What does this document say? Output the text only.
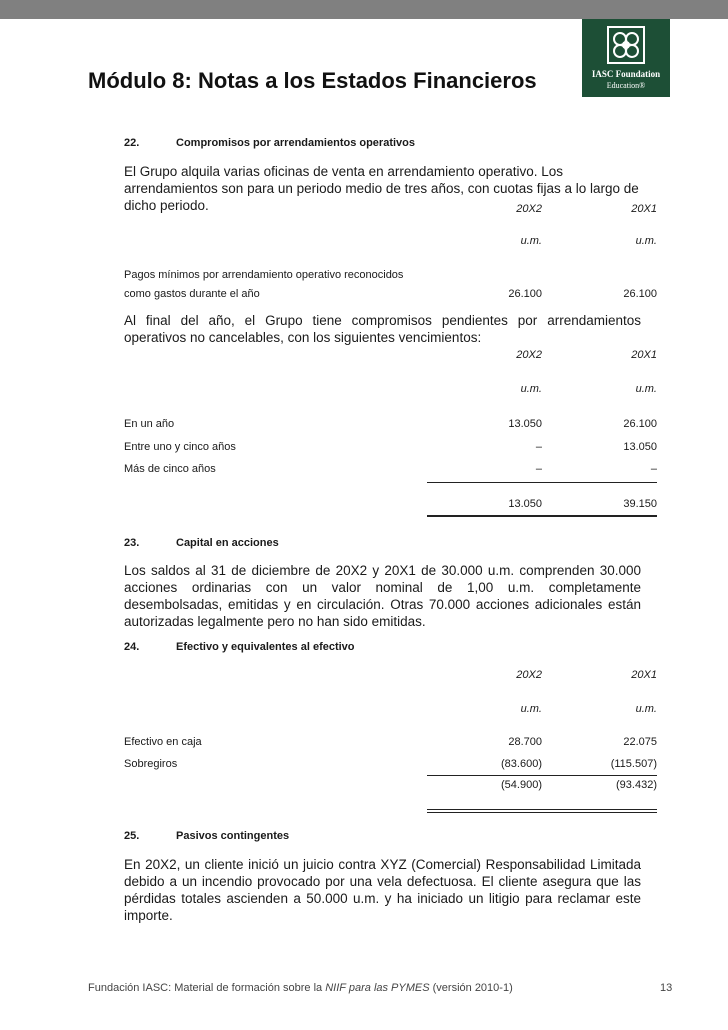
IASC Foundation
Education®
Módulo 8: Notas a los Estados Financieros
22.	Compromisos por arrendamientos operativos
El Grupo alquila varias oficinas de venta en arrendamiento operativo. Los arrendamientos son para un periodo medio de tres años, con cuotas fijas a lo largo de dicho periodo.	20X2	20X1
u.m.	u.m.
Pagos mínimos por arrendamiento operativo reconocidos
como gastos durante el año	26.100	26.100
Al final del año, el Grupo tiene compromisos pendientes por arrendamientos operativos no cancelables, con los siguientes vencimientos:
20X2	20X1
u.m.	u.m.
En un año	13.050	26.100
Entre uno y cinco años	–	13.050
Más de cinco años	–	–
13.050	39.150
23.	Capital en acciones
Los saldos al 31 de diciembre de 20X2 y 20X1 de 30.000 u.m. comprenden 30.000 acciones ordinarias con un valor nominal de 1,00 u.m. completamente desembolsadas, emitidas y en circulación. Otras 70.000 acciones adicionales están autorizadas legalmente pero no han sido emitidas.
24.	Efectivo y equivalentes al efectivo
20X2	20X1
u.m.	u.m.
Efectivo en caja	28.700	22.075
Sobregiros	(83.600)	(115.507)
(54.900)	(93.432)
25.	Pasivos contingentes
En 20X2, un cliente inició un juicio contra XYZ (Comercial) Responsabilidad Limitada debido a un incendio provocado por una vela defectuosa. El cliente asegura que las pérdidas totales ascienden a 50.000 u.m. y ha iniciado un litigio para reclamar este importe.
Fundación IASC: Material de formación sobre la NIIF para las PYMES (versión 2010-1)	13
